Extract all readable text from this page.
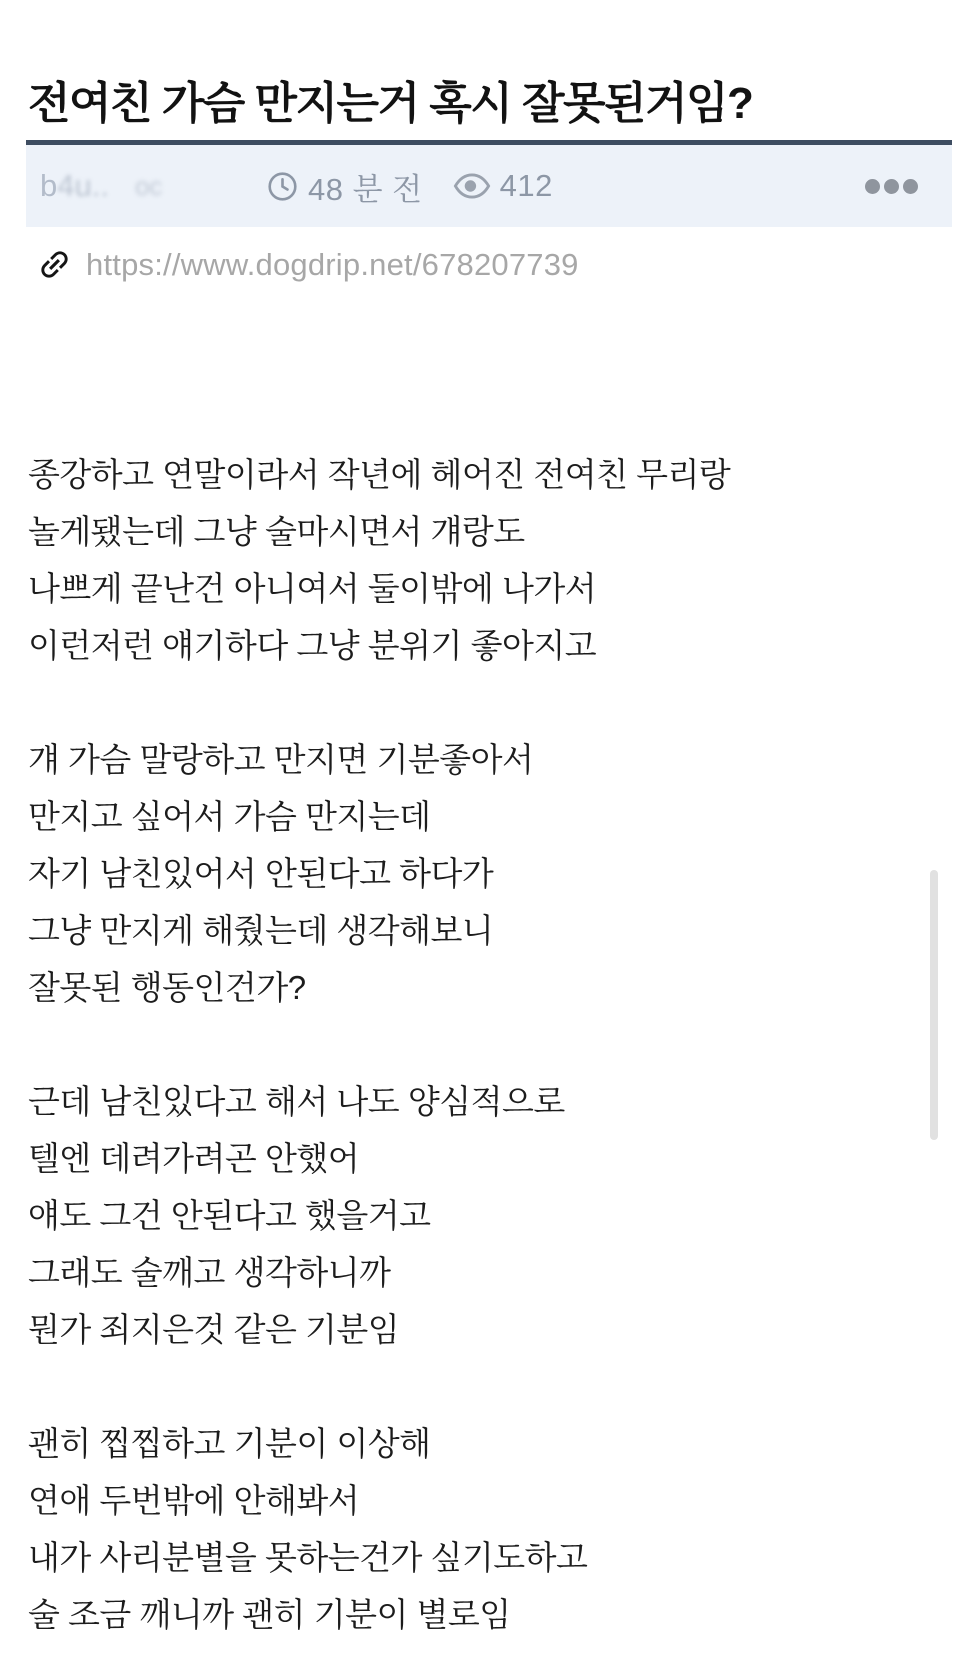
전여친 가슴 만지는거 혹시 잘못된거임?
b4u.. oc	48 분 전 412
https://www.dogdrip.net/678207739

종강하고 연말이라서 작년에 헤어진 전여친 무리랑
놀게됐는데 그냥 술마시면서 걔랑도
나쁘게 끝난건 아니여서 둘이밖에 나가서
이런저런 얘기하다 그냥 분위기 좋아지고

걔 가슴 말랑하고 만지면 기분좋아서
만지고 싶어서 가슴 만지는데
자기 남친있어서 안된다고 하다가
그냥 만지게 해줬는데 생각해보니
잘못된 행동인건가?

근데 남친있다고 해서 나도 양심적으로
텔엔 데려가려곤 안했어
얘도 그건 안된다고 했을거고
그래도 술깨고 생각하니까
뭔가 죄지은것 같은 기분임

괜히 찝찝하고 기분이 이상해
연애 두번밖에 안해봐서
내가 사리분별을 못하는건가 싶기도하고
술 조금 깨니까 괜히 기분이 별로임
